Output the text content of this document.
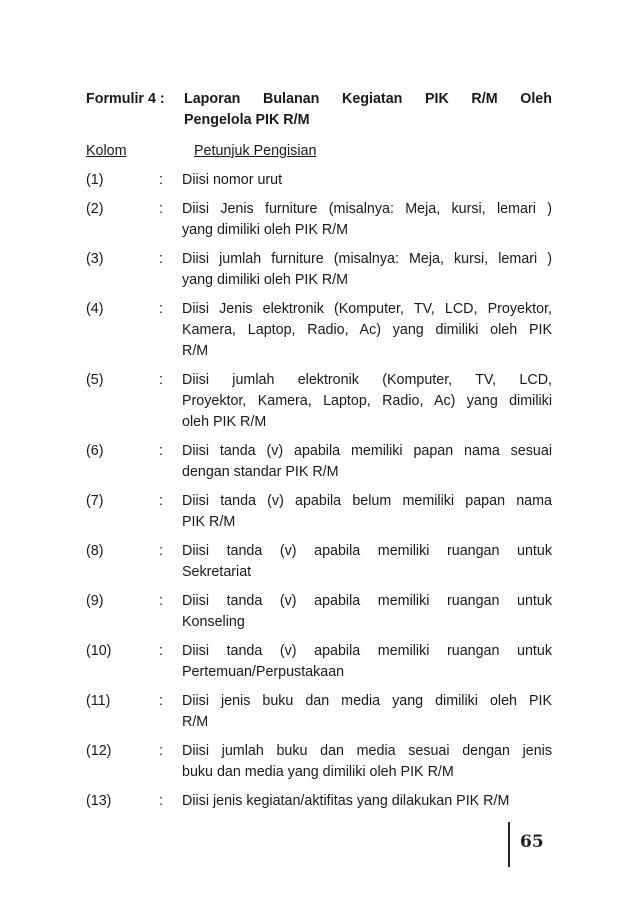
Formulir 4 :	Laporan Bulanan Kegiatan PIK R/M Oleh
Pengelola PIK R/M
Kolom	Petunjuk Pengisian
(1)	:	Diisi nomor urut
(2)	:	Diisi Jenis furniture (misalnya: Meja, kursi, lemari )
yang dimiliki oleh PIK R/M
(3)	:	Diisi jumlah furniture (misalnya: Meja, kursi, lemari )
yang dimiliki oleh PIK R/M
(4)	:	Diisi Jenis elektronik (Komputer, TV, LCD, Proyektor,
Kamera, Laptop, Radio, Ac) yang dimiliki oleh PIK
R/M
(5)	:	Diisi jumlah elektronik (Komputer, TV, LCD,
Proyektor, Kamera, Laptop, Radio, Ac) yang dimiliki
oleh PIK R/M
(6)	:	Diisi tanda (v) apabila memiliki papan nama sesuai
dengan standar PIK R/M
(7)	:	Diisi tanda (v) apabila belum memiliki papan nama
PIK R/M
(8)	:	Diisi tanda (v) apabila memiliki ruangan untuk
Sekretariat
(9)	:	Diisi tanda (v) apabila memiliki ruangan untuk
Konseling
(10)	:	Diisi tanda (v) apabila memiliki ruangan untuk
Pertemuan/Perpustakaan
(11)	:	Diisi jenis buku dan media yang dimiliki oleh PIK
R/M
(12)	:	Diisi jumlah buku dan media sesuai dengan jenis
buku dan media yang dimiliki oleh PIK R/M
(13)	:	Diisi jenis kegiatan/aktifitas yang dilakukan PIK R/M
65
